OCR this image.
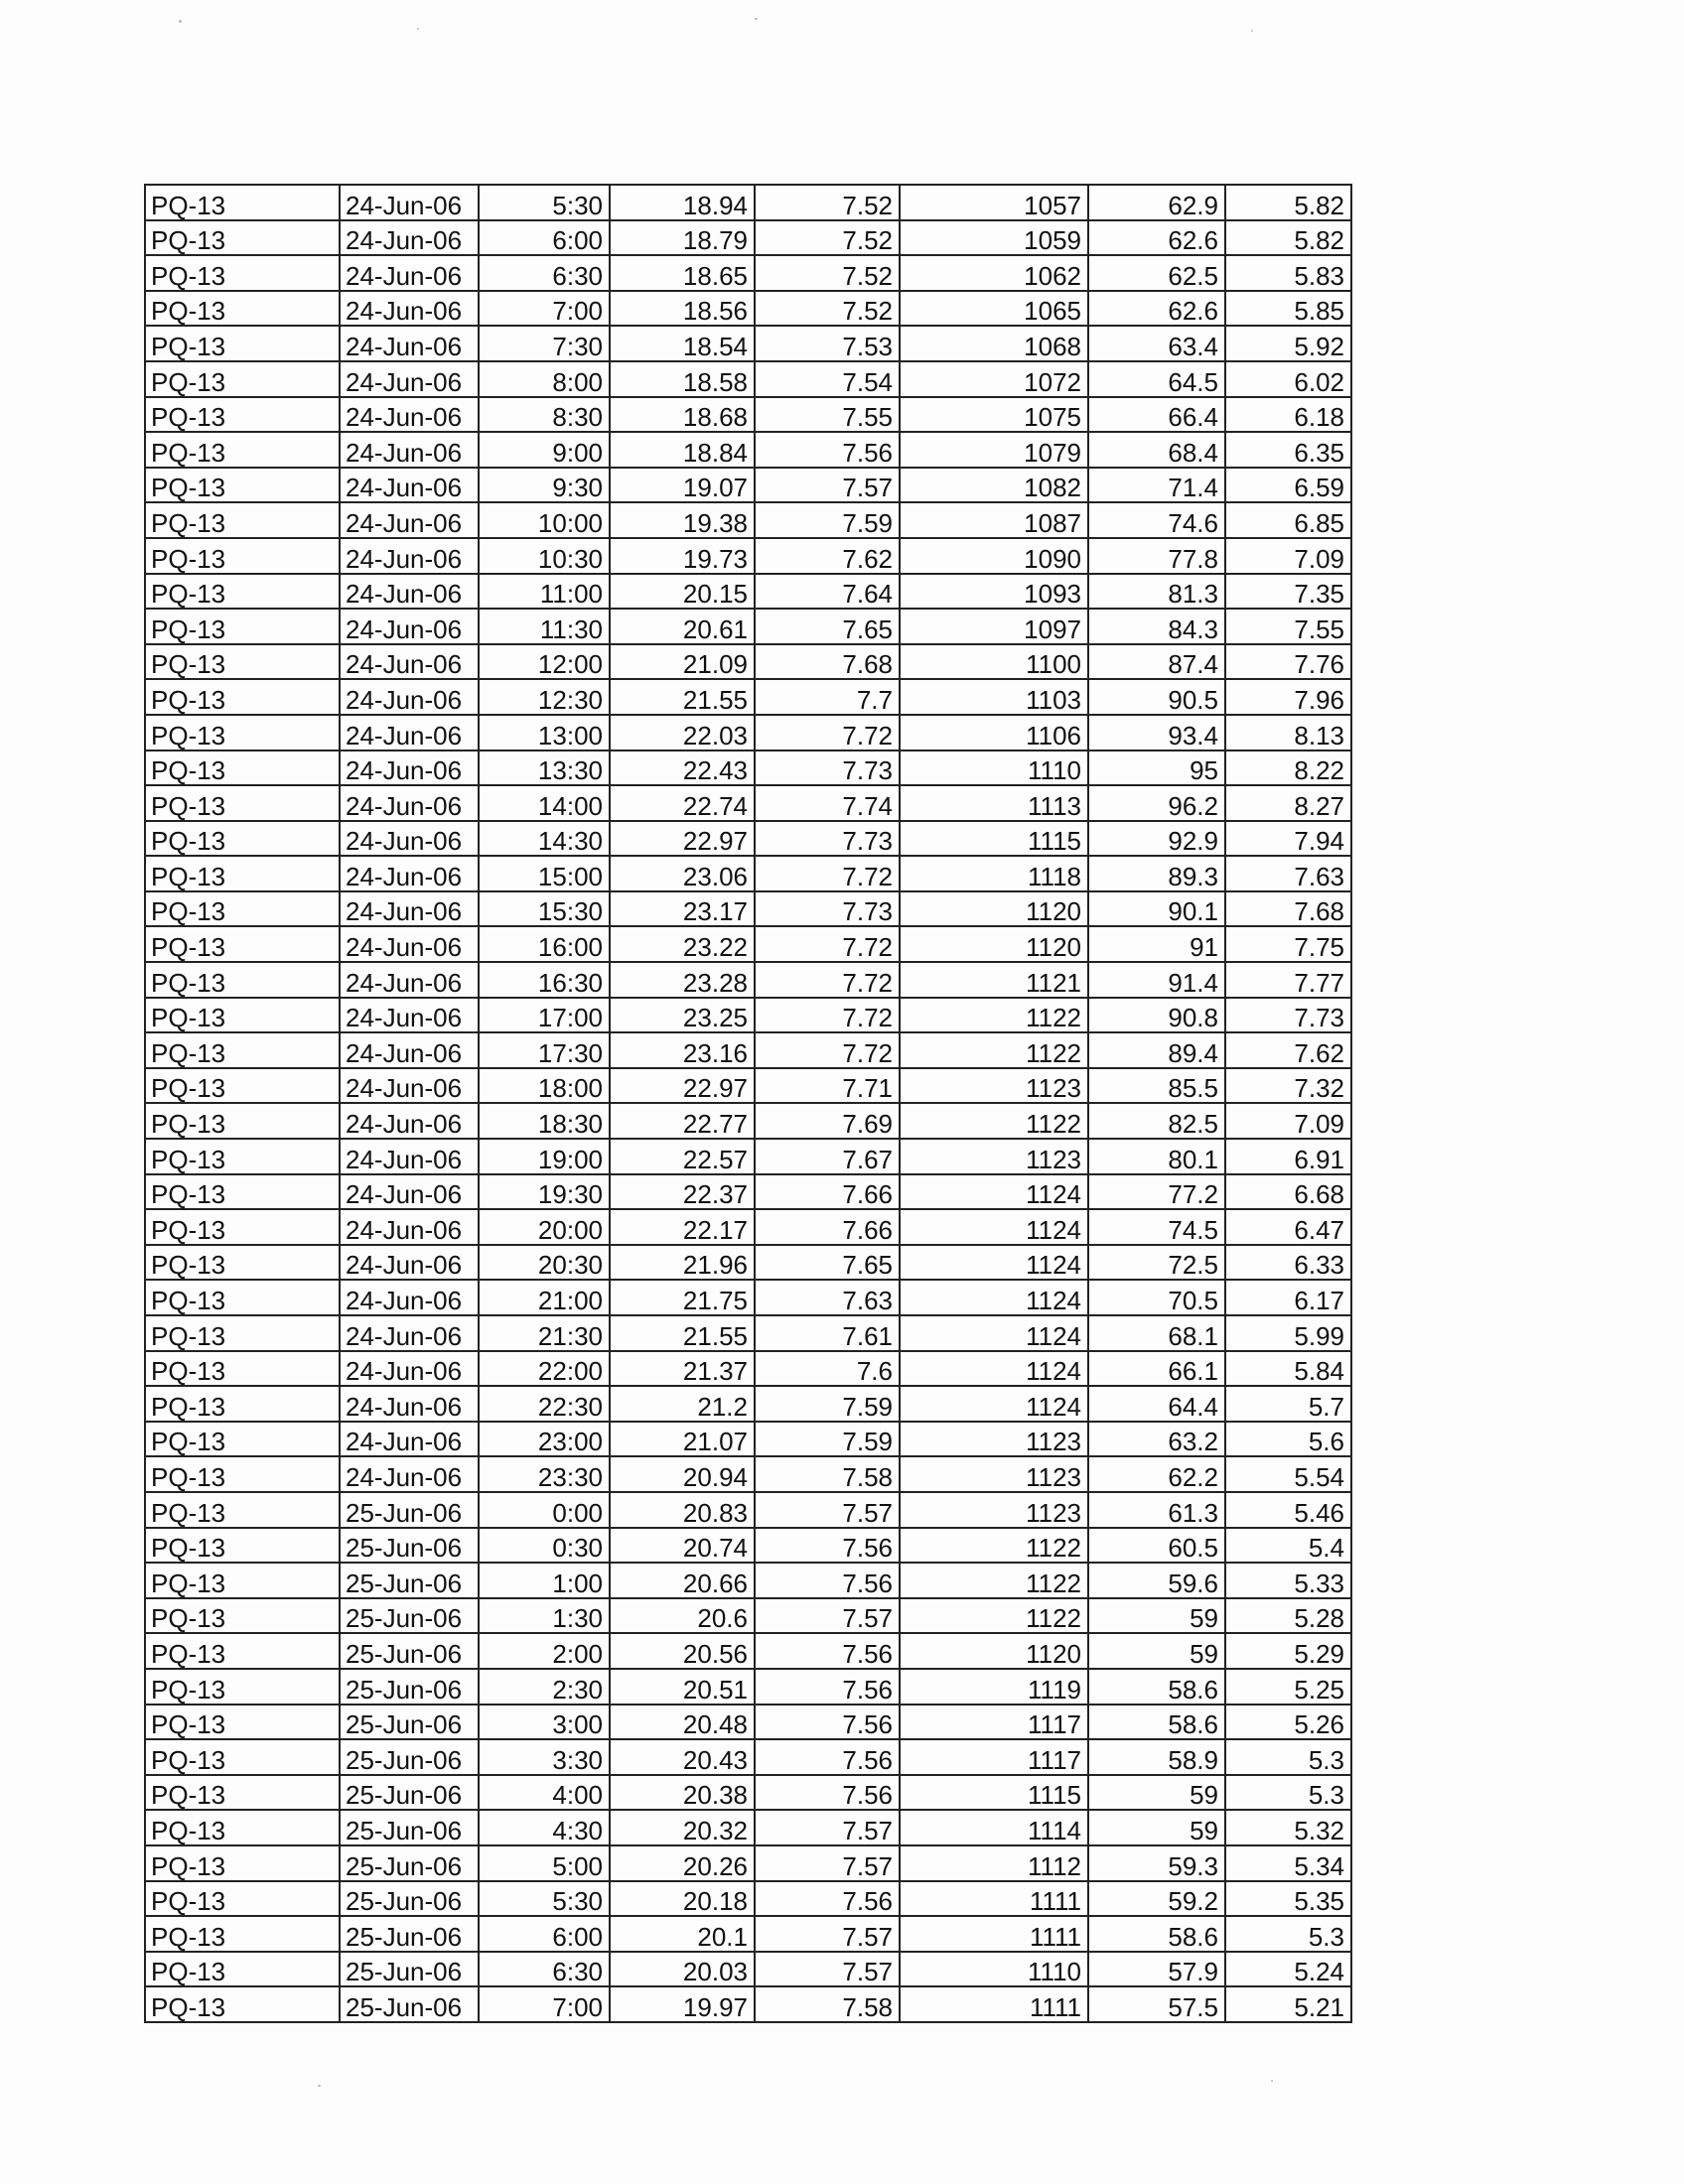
PQ-13	24-Jun-06	5:30	18.94	7.52	1057	62.9	5.82
PQ-13	24-Jun-06	6:00	18.79	7.52	1059	62.6	5.82
PQ-13	24-Jun-06	6:30	18.65	7.52	1062	62.5	5.83
PQ-13	24-Jun-06	7:00	18.56	7.52	1065	62.6	5.85
PQ-13	24-Jun-06	7:30	18.54	7.53	1068	63.4	5.92
PQ-13	24-Jun-06	8:00	18.58	7.54	1072	64.5	6.02
PQ-13	24-Jun-06	8:30	18.68	7.55	1075	66.4	6.18
PQ-13	24-Jun-06	9:00	18.84	7.56	1079	68.4	6.35
PQ-13	24-Jun-06	9:30	19.07	7.57	1082	71.4	6.59
PQ-13	24-Jun-06	10:00	19.38	7.59	1087	74.6	6.85
PQ-13	24-Jun-06	10:30	19.73	7.62	1090	77.8	7.09
PQ-13	24-Jun-06	11:00	20.15	7.64	1093	81.3	7.35
PQ-13	24-Jun-06	11:30	20.61	7.65	1097	84.3	7.55
PQ-13	24-Jun-06	12:00	21.09	7.68	1100	87.4	7.76
PQ-13	24-Jun-06	12:30	21.55	7.7	1103	90.5	7.96
PQ-13	24-Jun-06	13:00	22.03	7.72	1106	93.4	8.13
PQ-13	24-Jun-06	13:30	22.43	7.73	1110	95	8.22
PQ-13	24-Jun-06	14:00	22.74	7.74	1113	96.2	8.27
PQ-13	24-Jun-06	14:30	22.97	7.73	1115	92.9	7.94
PQ-13	24-Jun-06	15:00	23.06	7.72	1118	89.3	7.63
PQ-13	24-Jun-06	15:30	23.17	7.73	1120	90.1	7.68
PQ-13	24-Jun-06	16:00	23.22	7.72	1120	91	7.75
PQ-13	24-Jun-06	16:30	23.28	7.72	1121	91.4	7.77
PQ-13	24-Jun-06	17:00	23.25	7.72	1122	90.8	7.73
PQ-13	24-Jun-06	17:30	23.16	7.72	1122	89.4	7.62
PQ-13	24-Jun-06	18:00	22.97	7.71	1123	85.5	7.32
PQ-13	24-Jun-06	18:30	22.77	7.69	1122	82.5	7.09
PQ-13	24-Jun-06	19:00	22.57	7.67	1123	80.1	6.91
PQ-13	24-Jun-06	19:30	22.37	7.66	1124	77.2	6.68
PQ-13	24-Jun-06	20:00	22.17	7.66	1124	74.5	6.47
PQ-13	24-Jun-06	20:30	21.96	7.65	1124	72.5	6.33
PQ-13	24-Jun-06	21:00	21.75	7.63	1124	70.5	6.17
PQ-13	24-Jun-06	21:30	21.55	7.61	1124	68.1	5.99
PQ-13	24-Jun-06	22:00	21.37	7.6	1124	66.1	5.84
PQ-13	24-Jun-06	22:30	21.2	7.59	1124	64.4	5.7
PQ-13	24-Jun-06	23:00	21.07	7.59	1123	63.2	5.6
PQ-13	24-Jun-06	23:30	20.94	7.58	1123	62.2	5.54
PQ-13	25-Jun-06	0:00	20.83	7.57	1123	61.3	5.46
PQ-13	25-Jun-06	0:30	20.74	7.56	1122	60.5	5.4
PQ-13	25-Jun-06	1:00	20.66	7.56	1122	59.6	5.33
PQ-13	25-Jun-06	1:30	20.6	7.57	1122	59	5.28
PQ-13	25-Jun-06	2:00	20.56	7.56	1120	59	5.29
PQ-13	25-Jun-06	2:30	20.51	7.56	1119	58.6	5.25
PQ-13	25-Jun-06	3:00	20.48	7.56	1117	58.6	5.26
PQ-13	25-Jun-06	3:30	20.43	7.56	1117	58.9	5.3
PQ-13	25-Jun-06	4:00	20.38	7.56	1115	59	5.3
PQ-13	25-Jun-06	4:30	20.32	7.57	1114	59	5.32
PQ-13	25-Jun-06	5:00	20.26	7.57	1112	59.3	5.34
PQ-13	25-Jun-06	5:30	20.18	7.56	1111	59.2	5.35
PQ-13	25-Jun-06	6:00	20.1	7.57	1111	58.6	5.3
PQ-13	25-Jun-06	6:30	20.03	7.57	1110	57.9	5.24
PQ-13	25-Jun-06	7:00	19.97	7.58	1111	57.5	5.21
